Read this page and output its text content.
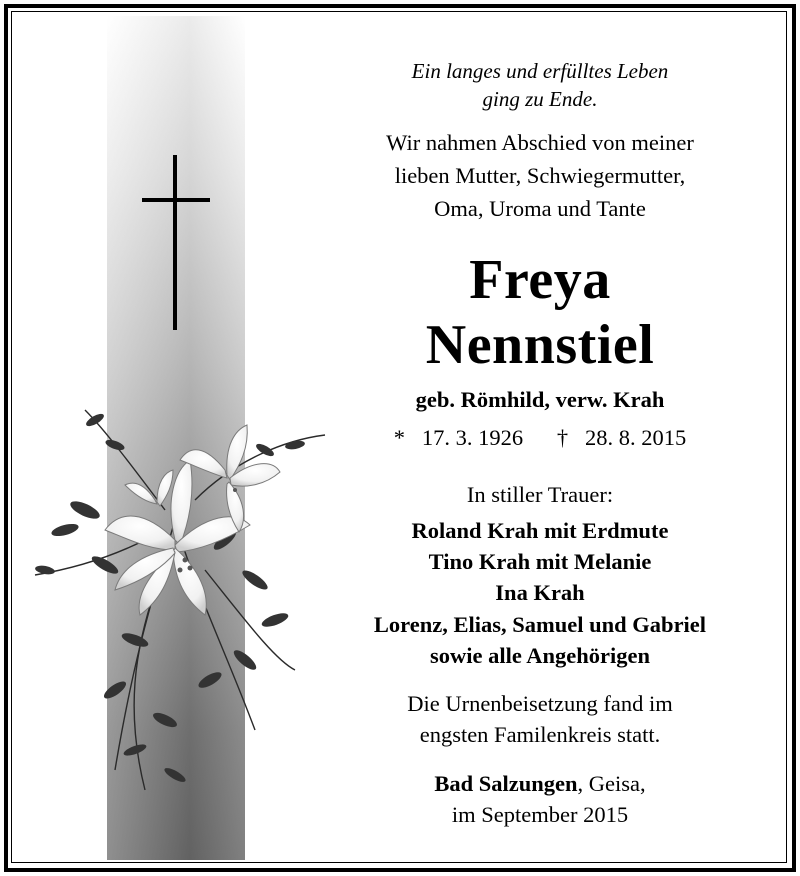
Ein langes und erfülltes Leben

ging zu Ende.

Wir nahmen Abschied von meiner

lieben Mutter, Schwiegermutter,

Oma, Uroma und Tante

Freya

Nennstiel

geb. Römhild, verw. Krah

* 17. 3. 1926 † 28. 8. 2015

In stiller Trauer:

Roland Krah mit Erdmute

Tino Krah mit Melanie

Ina Krah

Lorenz, Elias, Samuel und Gabriel

sowie alle Angehörigen

Die Urnenbeisetzung fand im

engsten Familenkreis statt.

Bad Salzungen, Geisa,

im September 2015
